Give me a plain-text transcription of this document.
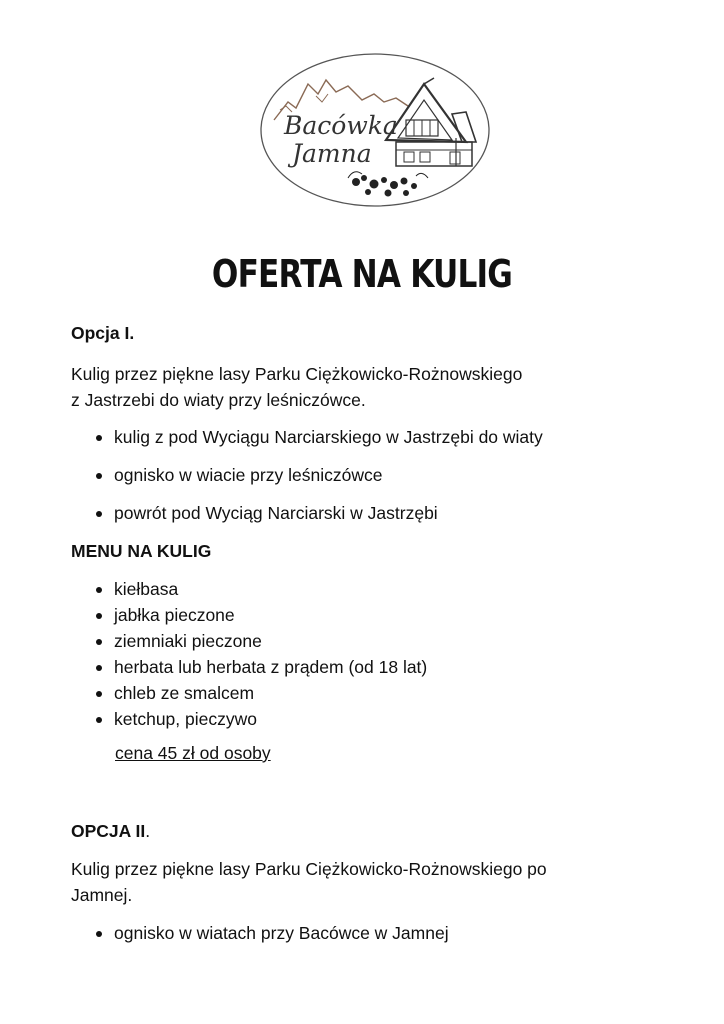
Bacówka
Jamna
OFERTA NA KULIG

Opcja I.

Kulig przez piękne lasy Parku Ciężkowicko-Rożnowskiego
z Jastrzebi do wiaty przy leśniczówce.

kulig z pod Wyciągu Narciarskiego w Jastrzębi do wiaty
ognisko w wiacie przy leśniczówce
powrót pod Wyciąg Narciarski w Jastrzębi

MENU NA KULIG

kiełbasa
jabłka pieczone
ziemniaki pieczone
herbata lub herbata z prądem (od 18 lat)
chleb ze smalcem
ketchup, pieczywo
cena 45 zł od osoby

OPCJA II.

Kulig przez piękne lasy Parku Ciężkowicko-Rożnowskiego po
Jamnej.

ognisko w wiatach przy Bacówce w Jamnej
